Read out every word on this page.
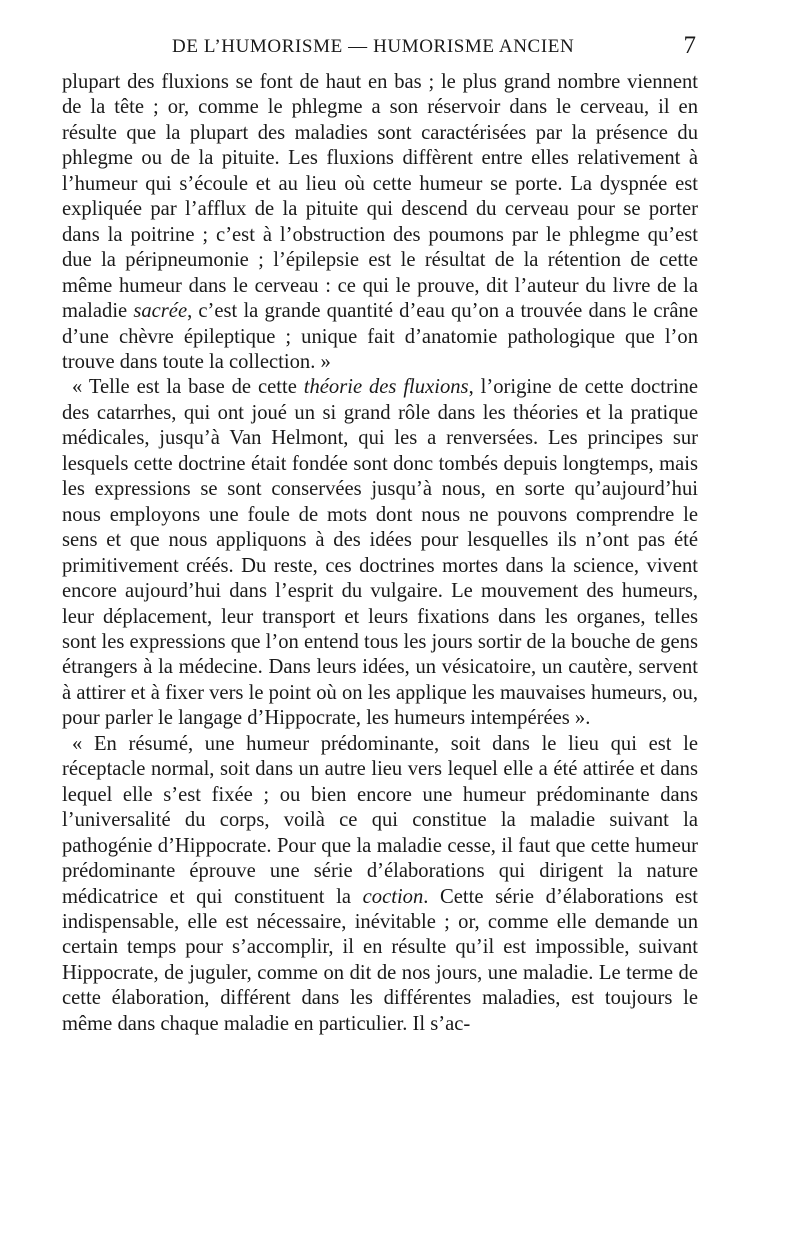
DE L’HUMORISME — HUMORISME ANCIEN	7

plupart des fluxions se font de haut en bas ; le plus grand nombre viennent de la tête ; or, comme le phlegme a son réservoir dans le cerveau, il en résulte que la plupart des maladies sont caractérisées par la présence du phlegme ou de la pituite. Les fluxions diffèrent entre elles relativement à l’humeur qui s’écoule et au lieu où cette humeur se porte. La dyspnée est expliquée par l’afflux de la pituite qui descend du cerveau pour se porter dans la poitrine ; c’est à l’obstruction des poumons par le phlegme qu’est due la péripneumonie ; l’épilepsie est le résultat de la rétention de cette même humeur dans le cerveau : ce qui le prouve, dit l’auteur du livre de la maladie sacrée, c’est la grande quantité d’eau qu’on a trouvée dans le crâne d’une chèvre épileptique ; unique fait d’anatomie pathologique que l’on trouve dans toute la collection. »

« Telle est la base de cette théorie des fluxions, l’origine de cette doctrine des catarrhes, qui ont joué un si grand rôle dans les théories et la pratique médicales, jusqu’à Van Helmont, qui les a renversées. Les principes sur lesquels cette doctrine était fondée sont donc tombés depuis longtemps, mais les expressions se sont conservées jusqu’à nous, en sorte qu’aujourd’hui nous employons une foule de mots dont nous ne pouvons comprendre le sens et que nous appliquons à des idées pour lesquelles ils n’ont pas été primitivement créés. Du reste, ces doctrines mortes dans la science, vivent encore aujourd’hui dans l’esprit du vulgaire. Le mouvement des humeurs, leur déplacement, leur transport et leurs fixations dans les organes, telles sont les expressions que l’on entend tous les jours sortir de la bouche de gens étrangers à la médecine. Dans leurs idées, un vésicatoire, un cautère, servent à attirer et à fixer vers le point où on les applique les mauvaises humeurs, ou, pour parler le langage d’Hippocrate, les humeurs intempérées ».

« En résumé, une humeur prédominante, soit dans le lieu qui est le réceptacle normal, soit dans un autre lieu vers lequel elle a été attirée et dans lequel elle s’est fixée ; ou bien encore une humeur prédominante dans l’universalité du corps, voilà ce qui constitue la maladie suivant la pathogénie d’Hippocrate. Pour que la maladie cesse, il faut que cette humeur prédominante éprouve une série d’élaborations qui dirigent la nature médicatrice et qui constituent la coction. Cette série d’élaborations est indispensable, elle est nécessaire, inévitable ; or, comme elle demande un certain temps pour s’accomplir, il en résulte qu’il est impossible, suivant Hippocrate, de juguler, comme on dit de nos jours, une maladie. Le terme de cette élaboration, différent dans les différentes maladies, est toujours le même dans chaque maladie en particulier. Il s’ac-
